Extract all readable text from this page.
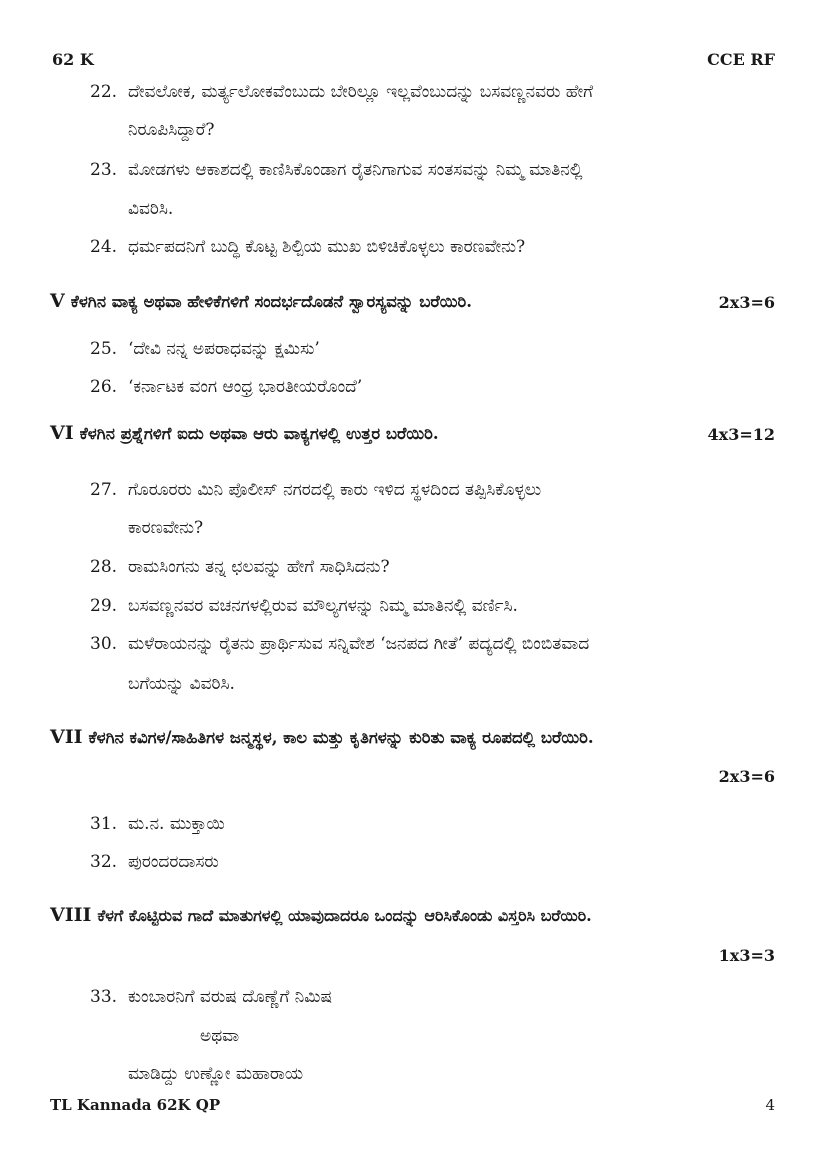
62 K	CCE RF
22. ದೇವಲೋಕ, ಮರ್ತ್ಯಲೋಕವೆಂಬುದು ಬೇರಿಲ್ಲೂ ಇಲ್ಲವೆಂಬುದನ್ನು ಬಸವಣ್ಣನವರು ಹೇಗೆ
ನಿರೂಪಿಸಿದ್ದಾರೆ?
23. ಮೋಡಗಳು ಆಕಾಶದಲ್ಲಿ ಕಾಣಿಸಿಕೊಂಡಾಗ ರೈತನಿಗಾಗುವ ಸಂತಸವನ್ನು ನಿಮ್ಮ ಮಾತಿನಲ್ಲಿ
ವಿವರಿಸಿ.
24. ಧರ್ಮಪದನಿಗೆ ಬುದ್ಧಿ ಕೊಟ್ಟ ಶಿಲ್ಪಿಯ ಮುಖ ಬಿಳಿಚಿಕೊಳ್ಳಲು ಕಾರಣವೇನು?
V ಕೆಳಗಿನ ವಾಕ್ಯ ಅಥವಾ ಹೇಳಿಕೆಗಳಿಗೆ ಸಂದರ್ಭದೊಡನೆ ಸ್ವಾರಸ್ಯವನ್ನು ಬರೆಯಿರಿ.	2x3=6
25. ‘ದೇವಿ ನನ್ನ ಅಪರಾಧವನ್ನು ಕ್ಷಮಿಸು’
26. ‘ಕರ್ನಾಟಕ ವಂಗ ಆಂಧ್ರ ಭಾರತೀಯರೊಂದೆ’
VI ಕೆಳಗಿನ ಪ್ರಶ್ನೆಗಳಿಗೆ ಐದು ಅಥವಾ ಆರು ವಾಕ್ಯಗಳಲ್ಲಿ ಉತ್ತರ ಬರೆಯಿರಿ.	4x3=12
27. ಗೊರೂರರು ಮಿನಿ ಪೊಲೀಸ್ ನಗರದಲ್ಲಿ ಕಾರು ಇಳಿದ ಸ್ಥಳದಿಂದ ತಪ್ಪಿಸಿಕೊಳ್ಳಲು
ಕಾರಣವೇನು?
28. ರಾಮಸಿಂಗನು ತನ್ನ ಛಲವನ್ನು ಹೇಗೆ ಸಾಧಿಸಿದನು?
29. ಬಸವಣ್ಣನವರ ವಚನಗಳಲ್ಲಿರುವ ಮೌಲ್ಯಗಳನ್ನು ನಿಮ್ಮ ಮಾತಿನಲ್ಲಿ ವರ್ಣಿಸಿ.
30. ಮಳೆರಾಯನನ್ನು ರೈತನು ಪ್ರಾರ್ಥಿಸುವ ಸನ್ನಿವೇಶ ‘ಜನಪದ ಗೀತೆ’ ಪದ್ಯದಲ್ಲಿ ಬಿಂಬಿತವಾದ
ಬಗೆಯನ್ನು ವಿವರಿಸಿ.
VII ಕೆಳಗಿನ ಕವಿಗಳ/ಸಾಹಿತಿಗಳ ಜನ್ಮಸ್ಥಳ, ಕಾಲ ಮತ್ತು ಕೃತಿಗಳನ್ನು ಕುರಿತು ವಾಕ್ಯ ರೂಪದಲ್ಲಿ ಬರೆಯಿರಿ.
2x3=6
31. ಮ.ನ. ಮುಕ್ತಾಯಿ
32. ಪುರಂದರದಾಸರು
VIII ಕೆಳಗೆ ಕೊಟ್ಟಿರುವ ಗಾದೆ ಮಾತುಗಳಲ್ಲಿ ಯಾವುದಾದರೂ ಒಂದನ್ನು ಆರಿಸಿಕೊಂಡು ವಿಸ್ತರಿಸಿ ಬರೆಯಿರಿ.
1x3=3
33. ಕುಂಬಾರನಿಗೆ ವರುಷ ದೊಣ್ಣೆಗೆ ನಿಮಿಷ
ಅಥವಾ
ಮಾಡಿದ್ದು ಉಣ್ಣೋ ಮಹಾರಾಯ
TL Kannada 62K QP	4
